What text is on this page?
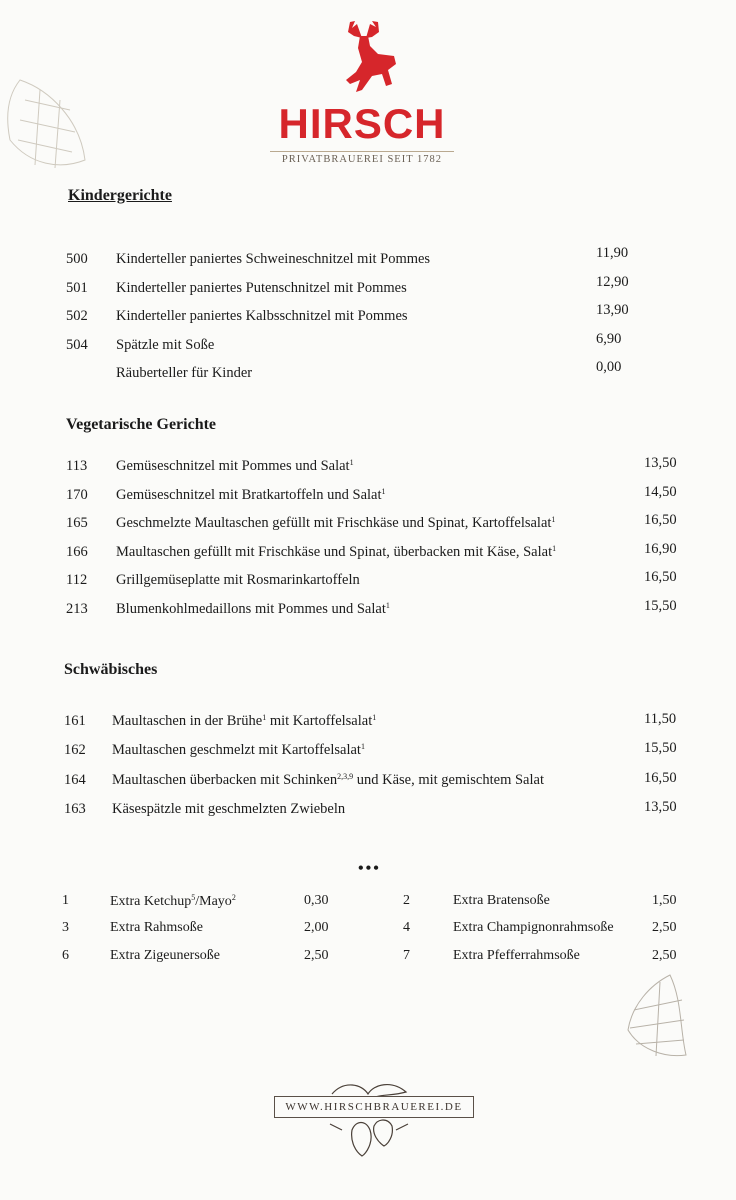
HIRSCH
PRIVATBRAUEREI SEIT 1782
Kindergerichte
500 Kinderteller paniertes Schweineschnitzel mit Pommes	11,90
501 Kinderteller paniertes Putenschnitzel mit Pommes	12,90
502 Kinderteller paniertes Kalbsschnitzel mit Pommes	13,90
504 Spätzle mit Soße	6,90
Räuberteller für Kinder	0,00
Vegetarische Gerichte
113 Gemüseschnitzel mit Pommes und Salat$^1$	13,50
170 Gemüseschnitzel mit Bratkartoffeln und Salat$^1$	14,50
165 Geschmelzte Maultaschen gefüllt mit Frischkäse und Spinat, Kartoffelsalat$^1$	16,50
166 Maultaschen gefüllt mit Frischkäse und Spinat, überbacken mit Käse, Salat$^1$	16,90
112 Grillgemüseplatte mit Rosmarinkartoffeln	16,50
213 Blumenkohlmedaillons mit Pommes und Salat$^1$	15,50
Schwäbisches
161 Maultaschen in der Brühe$^1$ mit Kartoffelsalat$^1$	11,50
162 Maultaschen geschmelzt mit Kartoffelsalat$^1$	15,50
164 Maultaschen überbacken mit Schinken$^{2,3,9}$ und Käse, mit gemischtem Salat	16,50
163 Käsespätzle mit geschmelzten Zwiebeln	13,50
•••
1	Extra Ketchup$^5$/Mayo$^2$	0,30	2	Extra Bratensoße	1,50
3	Extra Rahmsoße	2,00	4	Extra Champignonrahmsoße	2,50
6	Extra Zigeunersoße	2,50	7	Extra Pfefferrahmsoße	2,50
WWW.HIRSCHBRAUEREI.DE
